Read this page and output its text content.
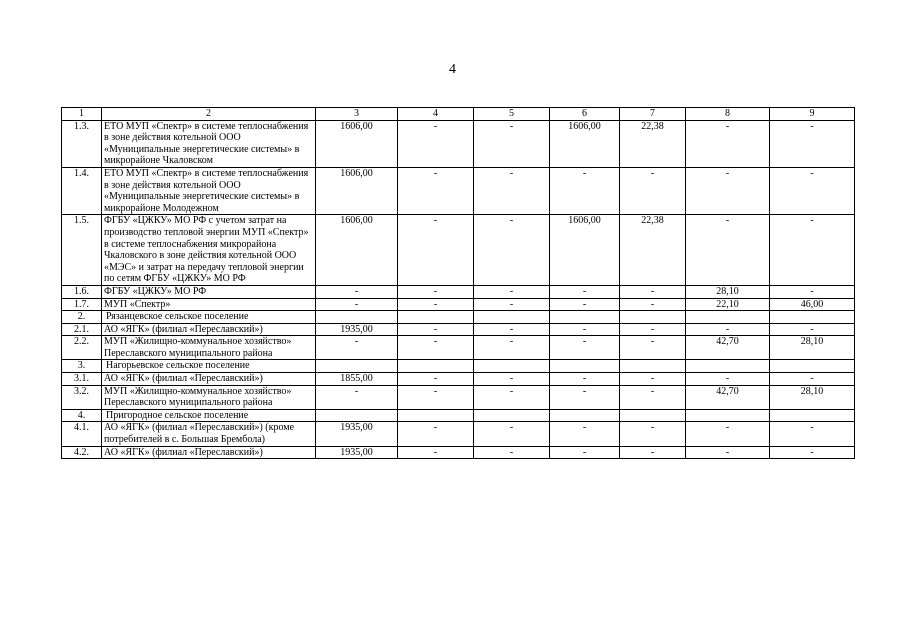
4
1	2	3	4	5	6	7	8	9
1.3.	ЕТО МУП «Спектр» в системе теплоснабжения в зоне действия котельной ООО «Муниципальные энергетические системы» в микрорайоне Чкаловском	1606,00	-	-	1606,00	22,38	-	-
1.4.	ЕТО МУП «Спектр» в системе теплоснабжения в зоне действия котельной ООО «Муниципальные энергетические системы» в микрорайоне Молодежном	1606,00	-	-	-	-	-	-
1.5.	ФГБУ «ЦЖКУ» МО РФ с учетом затрат на производство тепловой энергии МУП «Спектр» в системе теплоснабжения микрорайона Чкаловского в зоне действия котельной ООО «МЭС» и затрат на передачу тепловой энергии по сетям ФГБУ «ЦЖКУ» МО РФ	1606,00	-	-	1606,00	22,38	-	-
1.6.	ФГБУ «ЦЖКУ» МО РФ	-	-	-	-	-	28,10	-
1.7.	МУП «Спектр»	-	-	-	-	-	22,10	46,00
2.	Рязанцевское сельское поселение							
2.1.	АО «ЯГК» (филиал «Переславский»)	1935,00	-	-	-	-	-	-
2.2.	МУП «Жилищно-коммунальное хозяйство» Переславского муниципального района	-	-	-	-	-	42,70	28,10
3.	Нагорьевское сельское поселение							
3.1.	АО «ЯГК» (филиал «Переславский»)	1855,00	-	-	-	-	-	-
3.2.	МУП «Жилищно-коммунальное хозяйство» Переславского муниципального района	-	-	-	-	-	42,70	28,10
4.	Пригородное сельское поселение							
4.1.	АО «ЯГК» (филиал «Переславский») (кроме потребителей в с. Большая Брембола)	1935,00	-	-	-	-	-	-
4.2.	АО «ЯГК» (филиал «Переславский»)	1935,00	-	-	-	-	-	-
